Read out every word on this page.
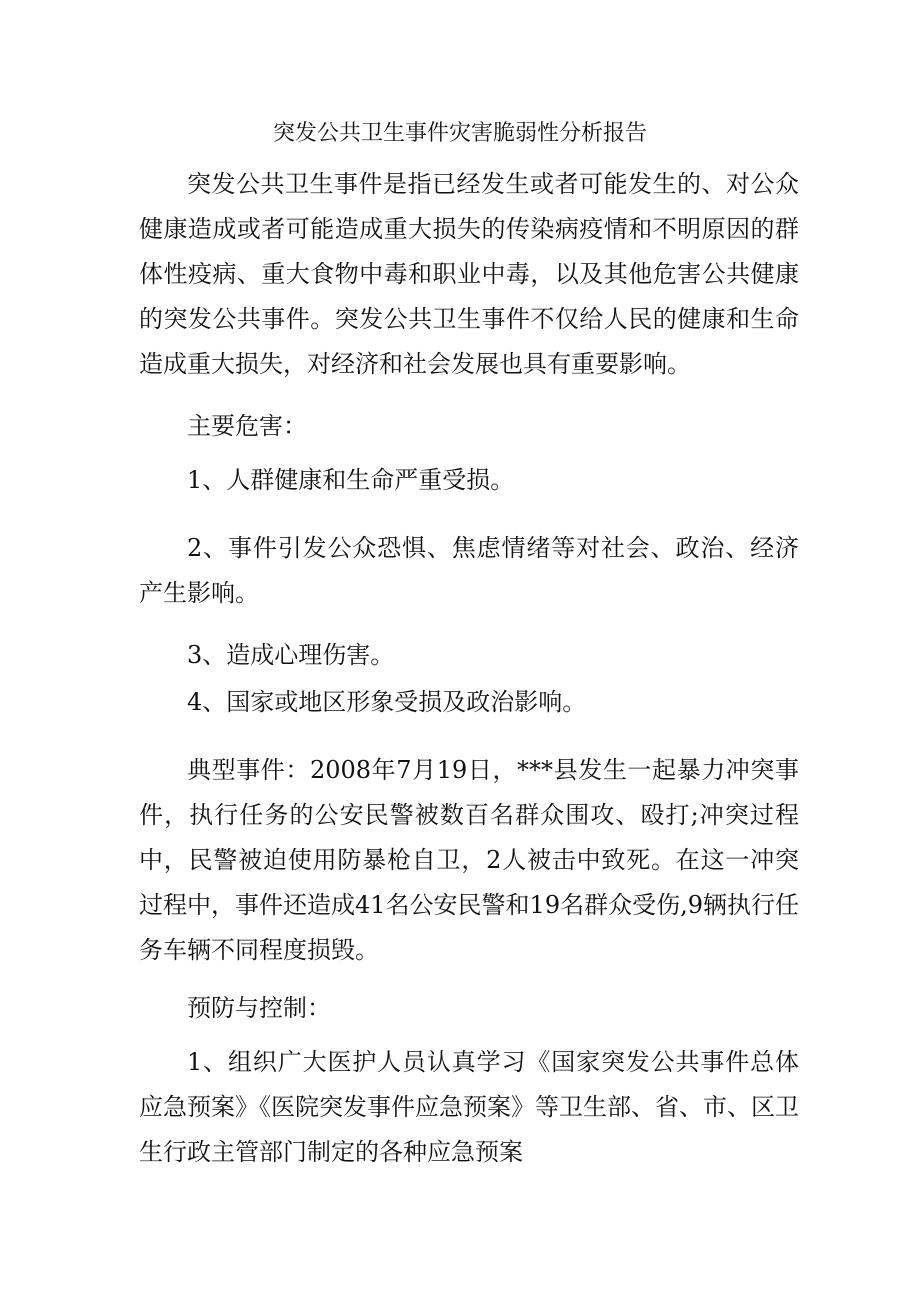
突发公共卫生事件灾害脆弱性分析报告

突发公共卫生事件是指已经发生或者可能发生的、对公众健康造成或者可能造成重大损失的传染病疫情和不明原因的群体性疫病、重大食物中毒和职业中毒，以及其他危害公共健康的突发公共事件。突发公共卫生事件不仅给人民的健康和生命造成重大损失，对经济和社会发展也具有重要影响。

主要危害：

1、人群健康和生命严重受损。

2、事件引发公众恐惧、焦虑情绪等对社会、政治、经济产生影响。

3、造成心理伤害。

4、国家或地区形象受损及政治影响。

典型事件：2008年7月19日，***县发生一起暴力冲突事件，执行任务的公安民警被数百名群众围攻、殴打;冲突过程中，民警被迫使用防暴枪自卫，2人被击中致死。在这一冲突过程中，事件还造成41名公安民警和19名群众受伤,9辆执行任务车辆不同程度损毁。

预防与控制：

1、组织广大医护人员认真学习《国家突发公共事件总体应急预案》《医院突发事件应急预案》等卫生部、省、市、区卫生行政主管部门制定的各种应急预案
